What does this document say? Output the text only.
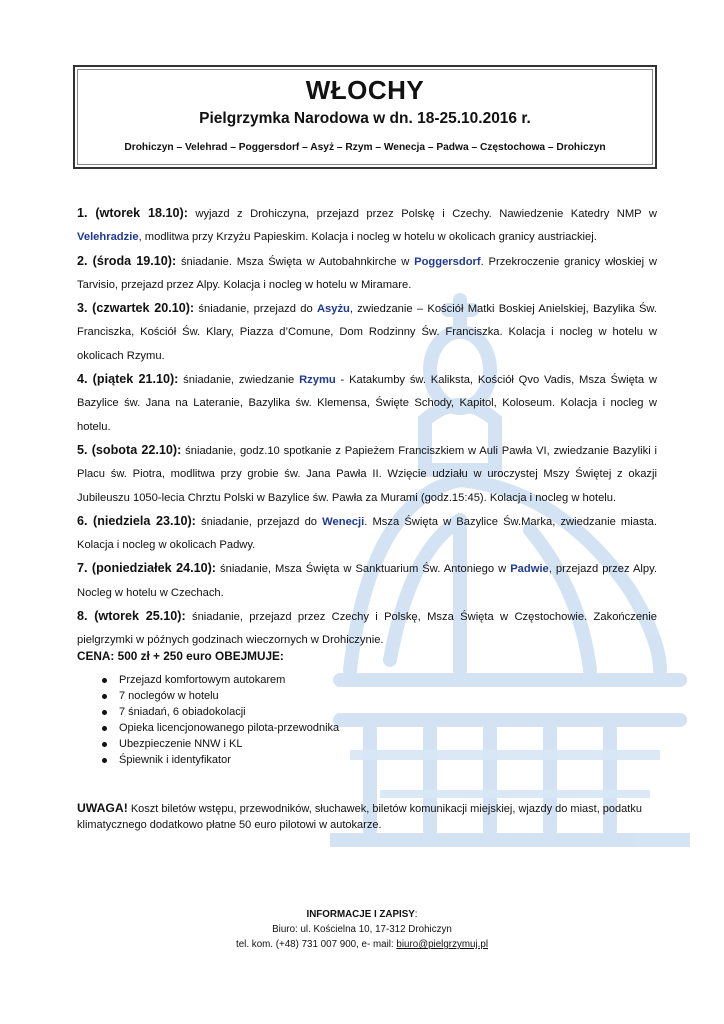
WŁOCHY
Pielgrzymka Narodowa w dn. 18-25.10.2016 r.
Drohiczyn – Velehrad – Poggersdorf – Asyż – Rzym – Wenecja – Padwa – Częstochowa – Drohiczyn

1. (wtorek 18.10): wyjazd z Drohiczyna, przejazd przez Polskę i Czechy. Nawiedzenie Katedry NMP w Velehradzie, modlitwa przy Krzyżu Papieskim. Kolacja i nocleg w hotelu w okolicach granicy austriackiej.

2. (środa 19.10): śniadanie. Msza Święta w Autobahnkirche w Poggersdorf. Przekroczenie granicy włoskiej w Tarvisio, przejazd przez Alpy. Kolacja i nocleg w hotelu w Miramare.

3. (czwartek 20.10): śniadanie, przejazd do Asyżu, zwiedzanie – Kościół Matki Boskiej Anielskiej, Bazylika Św. Franciszka, Kościół Św. Klary, Piazza d’Comune, Dom Rodzinny Św. Franciszka. Kolacja i nocleg w hotelu w okolicach Rzymu.

4. (piątek 21.10): śniadanie, zwiedzanie Rzymu - Katakumby św. Kaliksta, Kościół Qvo Vadis, Msza Święta w Bazylice św. Jana na Lateranie, Bazylika św. Klemensa, Święte Schody, Kapitol, Koloseum. Kolacja i nocleg w hotelu.

5. (sobota 22.10): śniadanie, godz.10 spotkanie z Papieżem Franciszkiem w Auli Pawła VI, zwiedzanie Bazyliki i Placu św. Piotra, modlitwa przy grobie św. Jana Pawła II. Wzięcie udziału w uroczystej Mszy Świętej z okazji Jubileuszu 1050-lecia Chrztu Polski w Bazylice św. Pawła za Murami (godz.15:45). Kolacja i nocleg w hotelu.

6. (niedziela 23.10): śniadanie, przejazd do Wenecji. Msza Święta w Bazylice Św.Marka, zwiedzanie miasta. Kolacja i nocleg w okolicach Padwy.

7. (poniedziałek 24.10): śniadanie, Msza Święta w Sanktuarium Św. Antoniego w Padwie, przejazd przez Alpy. Nocleg w hotelu w Czechach.

8. (wtorek 25.10): śniadanie, przejazd przez Czechy i Polskę, Msza Święta w Częstochowie. Zakończenie pielgrzymki w późnych godzinach wieczornych w Drohiczynie.

CENA: 500 zł + 250 euro OBEJMUJE:
Przejazd komfortowym autokarem
7 noclegów w hotelu
7 śniadań, 6 obiadokolacji
Opieka licencjonowanego pilota-przewodnika
Ubezpieczenie NNW i KL
Śpiewnik i identyfikator
UWAGA! Koszt biletów wstępu, przewodników, słuchawek, biletów komunikacji miejskiej, wjazdy do miast, podatku klimatycznego dodatkowo płatne 50 euro pilotowi w autokarze.
INFORMACJE I ZAPISY:
Biuro: ul. Kościelna 10, 17-312 Drohiczyn
tel. kom. (+48) 731 007 900, e- mail: biuro@pielgrzymuj.pl
